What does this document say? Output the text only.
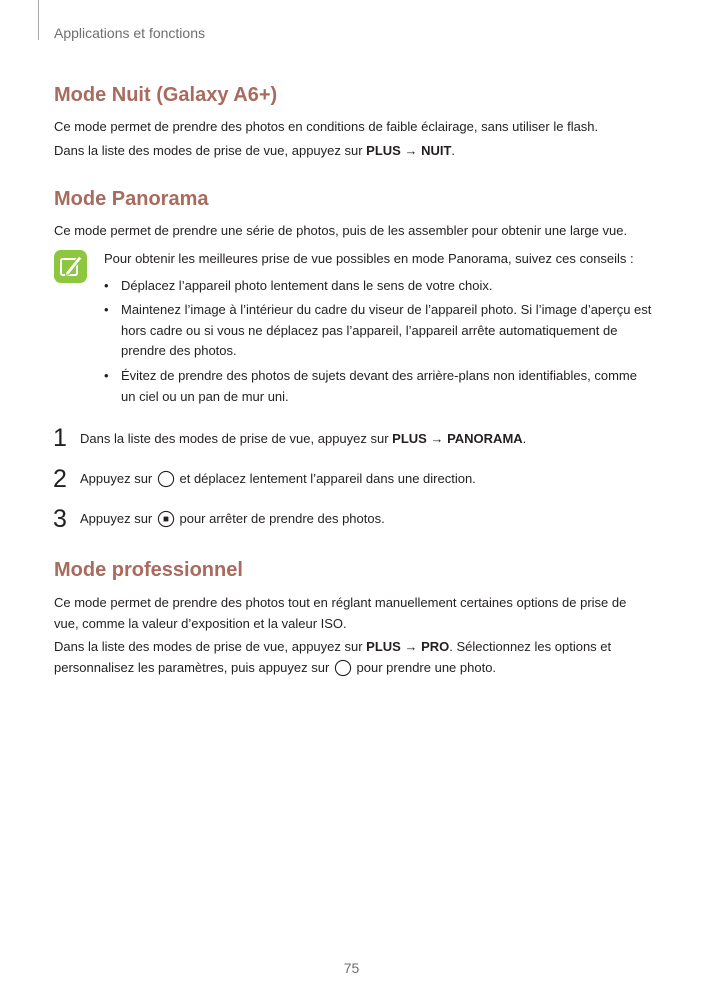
Applications et fonctions
Mode Nuit (Galaxy A6+)
Ce mode permet de prendre des photos en conditions de faible éclairage, sans utiliser le flash.
Dans la liste des modes de prise de vue, appuyez sur PLUS → NUIT.
Mode Panorama
Ce mode permet de prendre une série de photos, puis de les assembler pour obtenir une large vue.
Pour obtenir les meilleures prise de vue possibles en mode Panorama, suivez ces conseils :
• Déplacez l’appareil photo lentement dans le sens de votre choix.
• Maintenez l’image à l’intérieur du cadre du viseur de l’appareil photo. Si l’image d’aperçu est hors cadre ou si vous ne déplacez pas l’appareil, l’appareil arrête automatiquement de prendre des photos.
• Évitez de prendre des photos de sujets devant des arrière-plans non identifiables, comme un ciel ou un pan de mur uni.
1 Dans la liste des modes de prise de vue, appuyez sur PLUS → PANORAMA.
2 Appuyez sur  et déplacez lentement l’appareil dans une direction.
3 Appuyez sur  pour arrêter de prendre des photos.
Mode professionnel
Ce mode permet de prendre des photos tout en réglant manuellement certaines options de prise de vue, comme la valeur d’exposition et la valeur ISO.
Dans la liste des modes de prise de vue, appuyez sur PLUS → PRO. Sélectionnez les options et personnalisez les paramètres, puis appuyez sur  pour prendre une photo.
75
